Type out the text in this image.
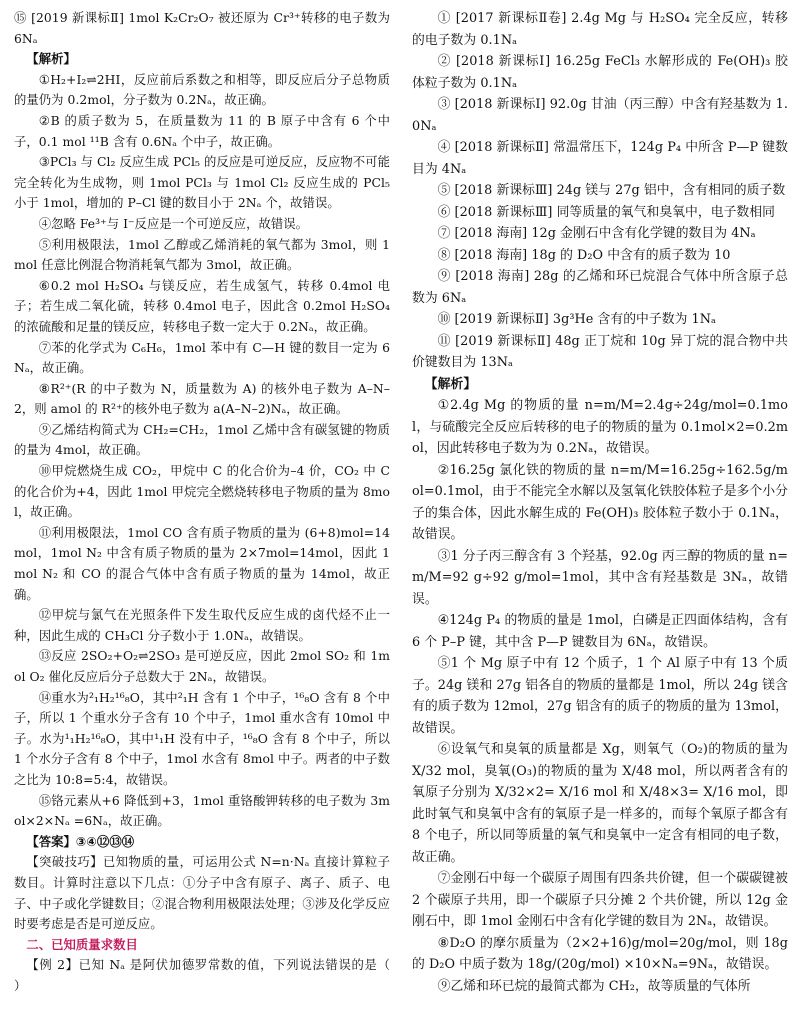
⑮ [2019 新课标Ⅱ] 1mol K₂Cr₂O₇ 被还原为 Cr³⁺转移的电子数为 6Nₐ

【解析】

①H₂+I₂⇌2HI，反应前后系数之和相等，即反应后分子总物质的量仍为 0.2mol，分子数为 0.2Nₐ，故正确。

②B 的质子数为 5，在质量数为 11 的 B 原子中含有 6 个中子，0.1 mol ¹¹B 含有 0.6Nₐ 个中子，故正确。

③PCl₃ 与 Cl₂ 反应生成 PCl₅ 的反应是可逆反应，反应物不可能完全转化为生成物，则 1mol PCl₃ 与 1mol Cl₂ 反应生成的 PCl₅ 小于 1mol，增加的 P–Cl 键的数目小于 2Nₐ 个，故错误。

④忽略 Fe³⁺与 I⁻反应是一个可逆反应，故错误。

⑤利用极限法，1mol 乙醇或乙烯消耗的氧气都为 3mol，则 1mol 任意比例混合物消耗氧气都为 3mol，故正确。

⑥0.2 mol H₂SO₄ 与镁反应，若生成氢气，转移 0.4mol 电子；若生成二氧化硫，转移 0.4mol 电子，因此含 0.2mol H₂SO₄ 的浓硫酸和足量的镁反应，转移电子数一定大于 0.2Nₐ，故正确。

⑦苯的化学式为 C₆H₆，1mol 苯中有 C—H 键的数目一定为 6Nₐ，故正确。

⑧R²⁺(R 的中子数为 N，质量数为 A) 的核外电子数为 A–N–2，则 amol 的 R²⁺的核外电子数为 a(A–N–2)Nₐ，故正确。

⑨乙烯结构简式为 CH₂=CH₂，1mol 乙烯中含有碳氢键的物质的量为 4mol，故正确。

⑩甲烷燃烧生成 CO₂，甲烷中 C 的化合价为–4 价，CO₂ 中 C 的化合价为+4，因此 1mol 甲烷完全燃烧转移电子物质的量为 8mol，故正确。

⑪利用极限法，1mol CO 含有质子物质的量为 (6+8)mol=14mol，1mol N₂ 中含有质子物质的量为 2×7mol=14mol，因此 1mol N₂ 和 CO 的混合气体中含有质子物质的量为 14mol，故正确。

⑫甲烷与氯气在光照条件下发生取代反应生成的卤代烃不止一种，因此生成的 CH₃Cl 分子数小于 1.0Nₐ，故错误。

⑬反应 2SO₂+O₂⇌2SO₃ 是可逆反应，因此 2mol SO₂ 和 1mol O₂ 催化反应后分子总数大于 2Nₐ，故错误。

⑭重水为²₁H₂¹⁶₈O，其中²₁H 含有 1 个中子，¹⁶₈O 含有 8 个中子，所以 1 个重水分子含有 10 个中子，1mol 重水含有 10mol 中子。水为¹₁H₂¹⁶₈O，其中¹₁H 没有中子，¹⁶₈O 含有 8 个中子，所以 1 个水分子含有 8 个中子，1mol 水含有 8mol 中子。两者的中子数之比为 10:8=5:4，故错误。

⑮铬元素从+6 降低到+3，1mol 重铬酸钾转移的电子数为 3mol×2×Nₐ =6Nₐ，故正确。

【答案】③④⑫⑬⑭

【突破技巧】已知物质的量，可运用公式 N=n·Nₐ 直接计算粒子数目。计算时注意以下几点：①分子中含有原子、离子、质子、电子、中子或化学键数目；②混合物利用极限法处理；③涉及化学反应时要考虑是否是可逆反应。

二、已知质量求数目

【例 2】已知 Nₐ 是阿伏加德罗常数的值，下列说法错误的是（　　）

① [2017 新课标Ⅱ卷] 2.4g Mg 与 H₂SO₄ 完全反应，转移的电子数为 0.1Nₐ

② [2018 新课标Ⅰ] 16.25g FeCl₃ 水解形成的 Fe(OH)₃ 胶体粒子数为 0.1Nₐ

③ [2018 新课标Ⅰ] 92.0g 甘油（丙三醇）中含有羟基数为 1.0Nₐ

④ [2018 新课标Ⅱ] 常温常压下，124g P₄ 中所含 P—P 键数目为 4Nₐ

⑤ [2018 新课标Ⅲ] 24g 镁与 27g 铝中，含有相同的质子数

⑥ [2018 新课标Ⅲ] 同等质量的氧气和臭氧中，电子数相同

⑦ [2018 海南] 12g 金刚石中含有化学键的数目为 4Nₐ

⑧ [2018 海南] 18g 的 D₂O 中含有的质子数为 10

⑨ [2018 海南] 28g 的乙烯和环已烷混合气体中所含原子总数为 6Nₐ

⑩ [2019 新课标Ⅱ] 3g³He 含有的中子数为 1Nₐ

⑪ [2019 新课标Ⅱ] 48g 正丁烷和 10g 异丁烷的混合物中共价键数目为 13Nₐ

【解析】

①2.4g Mg 的物质的量 n=m/M=2.4g÷24g/mol=0.1mol，与硫酸完全反应后转移的电子的物质的量为 0.1mol×2=0.2mol，因此转移电子数为为 0.2Nₐ，故错误。

②16.25g 氯化铁的物质的量 n=m/M=16.25g÷162.5g/mol=0.1mol，由于不能完全水解以及氢氧化铁胶体粒子是多个小分子的集合体，因此水解生成的 Fe(OH)₃ 胶体粒子数小于 0.1Nₐ，故错误。

③1 分子丙三醇含有 3 个羟基，92.0g 丙三醇的物质的量 n=m/M=92 g÷92 g/mol=1mol，其中含有羟基数是 3Nₐ，故错误。

④124g P₄ 的物质的量是 1mol，白磷是正四面体结构，含有 6 个 P–P 键，其中含 P—P 键数目为 6Nₐ，故错误。

⑤1 个 Mg 原子中有 12 个质子，1 个 Al 原子中有 13 个质子。24g 镁和 27g 铝各自的物质的量都是 1mol，所以 24g 镁含有的质子数为 12mol，27g 铝含有的质子的物质的量为 13mol，故错误。

⑥设氧气和臭氧的质量都是 Xg，则氧气（O₂)的物质的量为 X/32 mol，臭氧(O₃)的物质的量为 X/48 mol，所以两者含有的氧原子分别为 X/32×2= X/16 mol 和 X/48×3= X/16 mol，即此时氧气和臭氧中含有的氧原子是一样多的，而每个氧原子都含有 8 个电子，所以同等质量的氧气和臭氧中一定含有相同的电子数，故正确。

⑦金刚石中每一个碳原子周围有四条共价键，但一个碳碳键被 2 个碳原子共用，即一个碳原子只分摊 2 个共价键，所以 12g 金刚石中，即 1mol 金刚石中含有化学键的数目为 2Nₐ，故错误。

⑧D₂O 的摩尔质量为（2×2+16)g/mol=20g/mol，则 18g 的 D₂O 中质子数为 18g/(20g/mol) ×10×Nₐ=9Nₐ，故错误。

⑨乙烯和环已烷的最简式都为 CH₂，故等质量的气体所
